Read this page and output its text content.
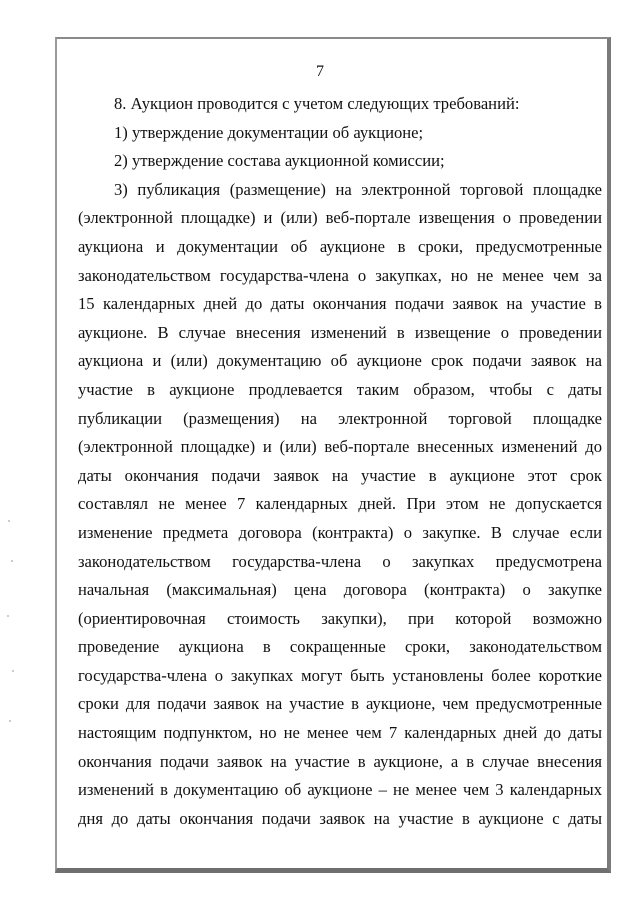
7
8. Аукцион проводится с учетом следующих требований:
1) утверждение документации об аукционе;
2) утверждение состава аукционной комиссии;
3) публикация (размещение) на электронной торговой площадке
(электронной площадке) и (или) веб-портале извещения о проведении
аукциона и документации об аукционе в сроки, предусмотренные
законодательством государства-члена о закупках, но не менее чем за
15 календарных дней до даты окончания подачи заявок на участие в
аукционе. В случае внесения изменений в извещение о проведении
аукциона и (или) документацию об аукционе срок подачи заявок на
участие в аукционе продлевается таким образом, чтобы с даты
публикации (размещения) на электронной торговой площадке
(электронной площадке) и (или) веб-портале внесенных изменений до
даты окончания подачи заявок на участие в аукционе этот срок
составлял не менее 7 календарных дней. При этом не допускается
изменение предмета договора (контракта) о закупке. В случае если
законодательством государства-члена о закупках предусмотрена
начальная (максимальная) цена договора (контракта) о закупке
(ориентировочная стоимость закупки), при которой возможно
проведение аукциона в сокращенные сроки, законодательством
государства-члена о закупках могут быть установлены более короткие
сроки для подачи заявок на участие в аукционе, чем предусмотренные
настоящим подпунктом, но не менее чем 7 календарных дней до даты
окончания подачи заявок на участие в аукционе, а в случае внесения
изменений в документацию об аукционе – не менее чем 3 календарных
дня до даты окончания подачи заявок на участие в аукционе с даты
